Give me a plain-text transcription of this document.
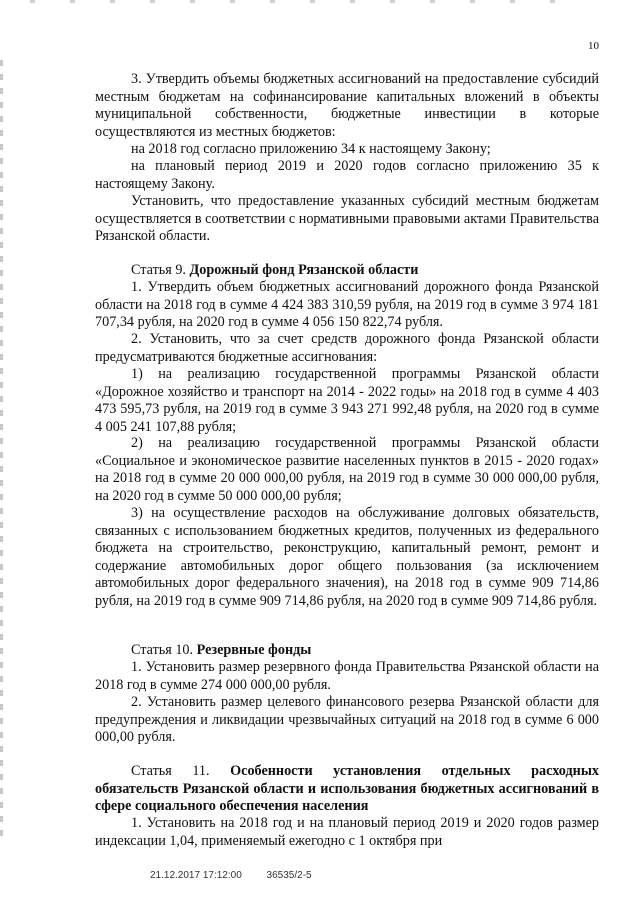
10

3. Утвердить объемы бюджетных ассигнований на предоставление субсидий местным бюджетам на софинансирование капитальных вложений в объекты муниципальной собственности, бюджетные инвестиции в которые осуществляются из местных бюджетов:

на 2018 год согласно приложению 34 к настоящему Закону;

на плановый период 2019 и 2020 годов согласно приложению 35 к настоящему Закону.

Установить, что предоставление указанных субсидий местным бюджетам осуществляется в соответствии с нормативными правовыми актами Правительства Рязанской области.

Статья 9. Дорожный фонд Рязанской области

1. Утвердить объем бюджетных ассигнований дорожного фонда Рязанской области на 2018 год в сумме 4 424 383 310,59 рубля, на 2019 год в сумме 3 974 181 707,34 рубля, на 2020 год в сумме 4 056 150 822,74 рубля.

2. Установить, что за счет средств дорожного фонда Рязанской области предусматриваются бюджетные ассигнования:

1) на реализацию государственной программы Рязанской области «Дорожное хозяйство и транспорт на 2014 - 2022 годы» на 2018 год в сумме 4 403 473 595,73 рубля, на 2019 год в сумме 3 943 271 992,48 рубля, на 2020 год в сумме 4 005 241 107,88 рубля;

2) на реализацию государственной программы Рязанской области «Социальное и экономическое развитие населенных пунктов в 2015 - 2020 годах» на 2018 год в сумме 20 000 000,00 рубля, на 2019 год в сумме 30 000 000,00 рубля, на 2020 год в сумме 50 000 000,00 рубля;

3) на осуществление расходов на обслуживание долговых обязательств, связанных с использованием бюджетных кредитов, полученных из федерального бюджета на строительство, реконструкцию, капитальный ремонт, ремонт и содержание автомобильных дорог общего пользования (за исключением автомобильных дорог федерального значения), на 2018 год в сумме 909 714,86 рубля, на 2019 год в сумме 909 714,86 рубля, на 2020 год в сумме 909 714,86 рубля.

Статья 10. Резервные фонды

1. Установить размер резервного фонда Правительства Рязанской области на 2018 год в сумме 274 000 000,00 рубля.

2. Установить размер целевого финансового резерва Рязанской области для предупреждения и ликвидации чрезвычайных ситуаций на 2018 год в сумме 6 000 000,00 рубля.

Статья 11. Особенности установления отдельных расходных обязательств Рязанской области и использования бюджетных ассигнований в сфере социального обеспечения населения

1. Установить на 2018 год и на плановый период 2019 и 2020 годов размер индексации 1,04, применяемый ежегодно с 1 октября при

21.12.2017 17:12:00 36535/2-5
